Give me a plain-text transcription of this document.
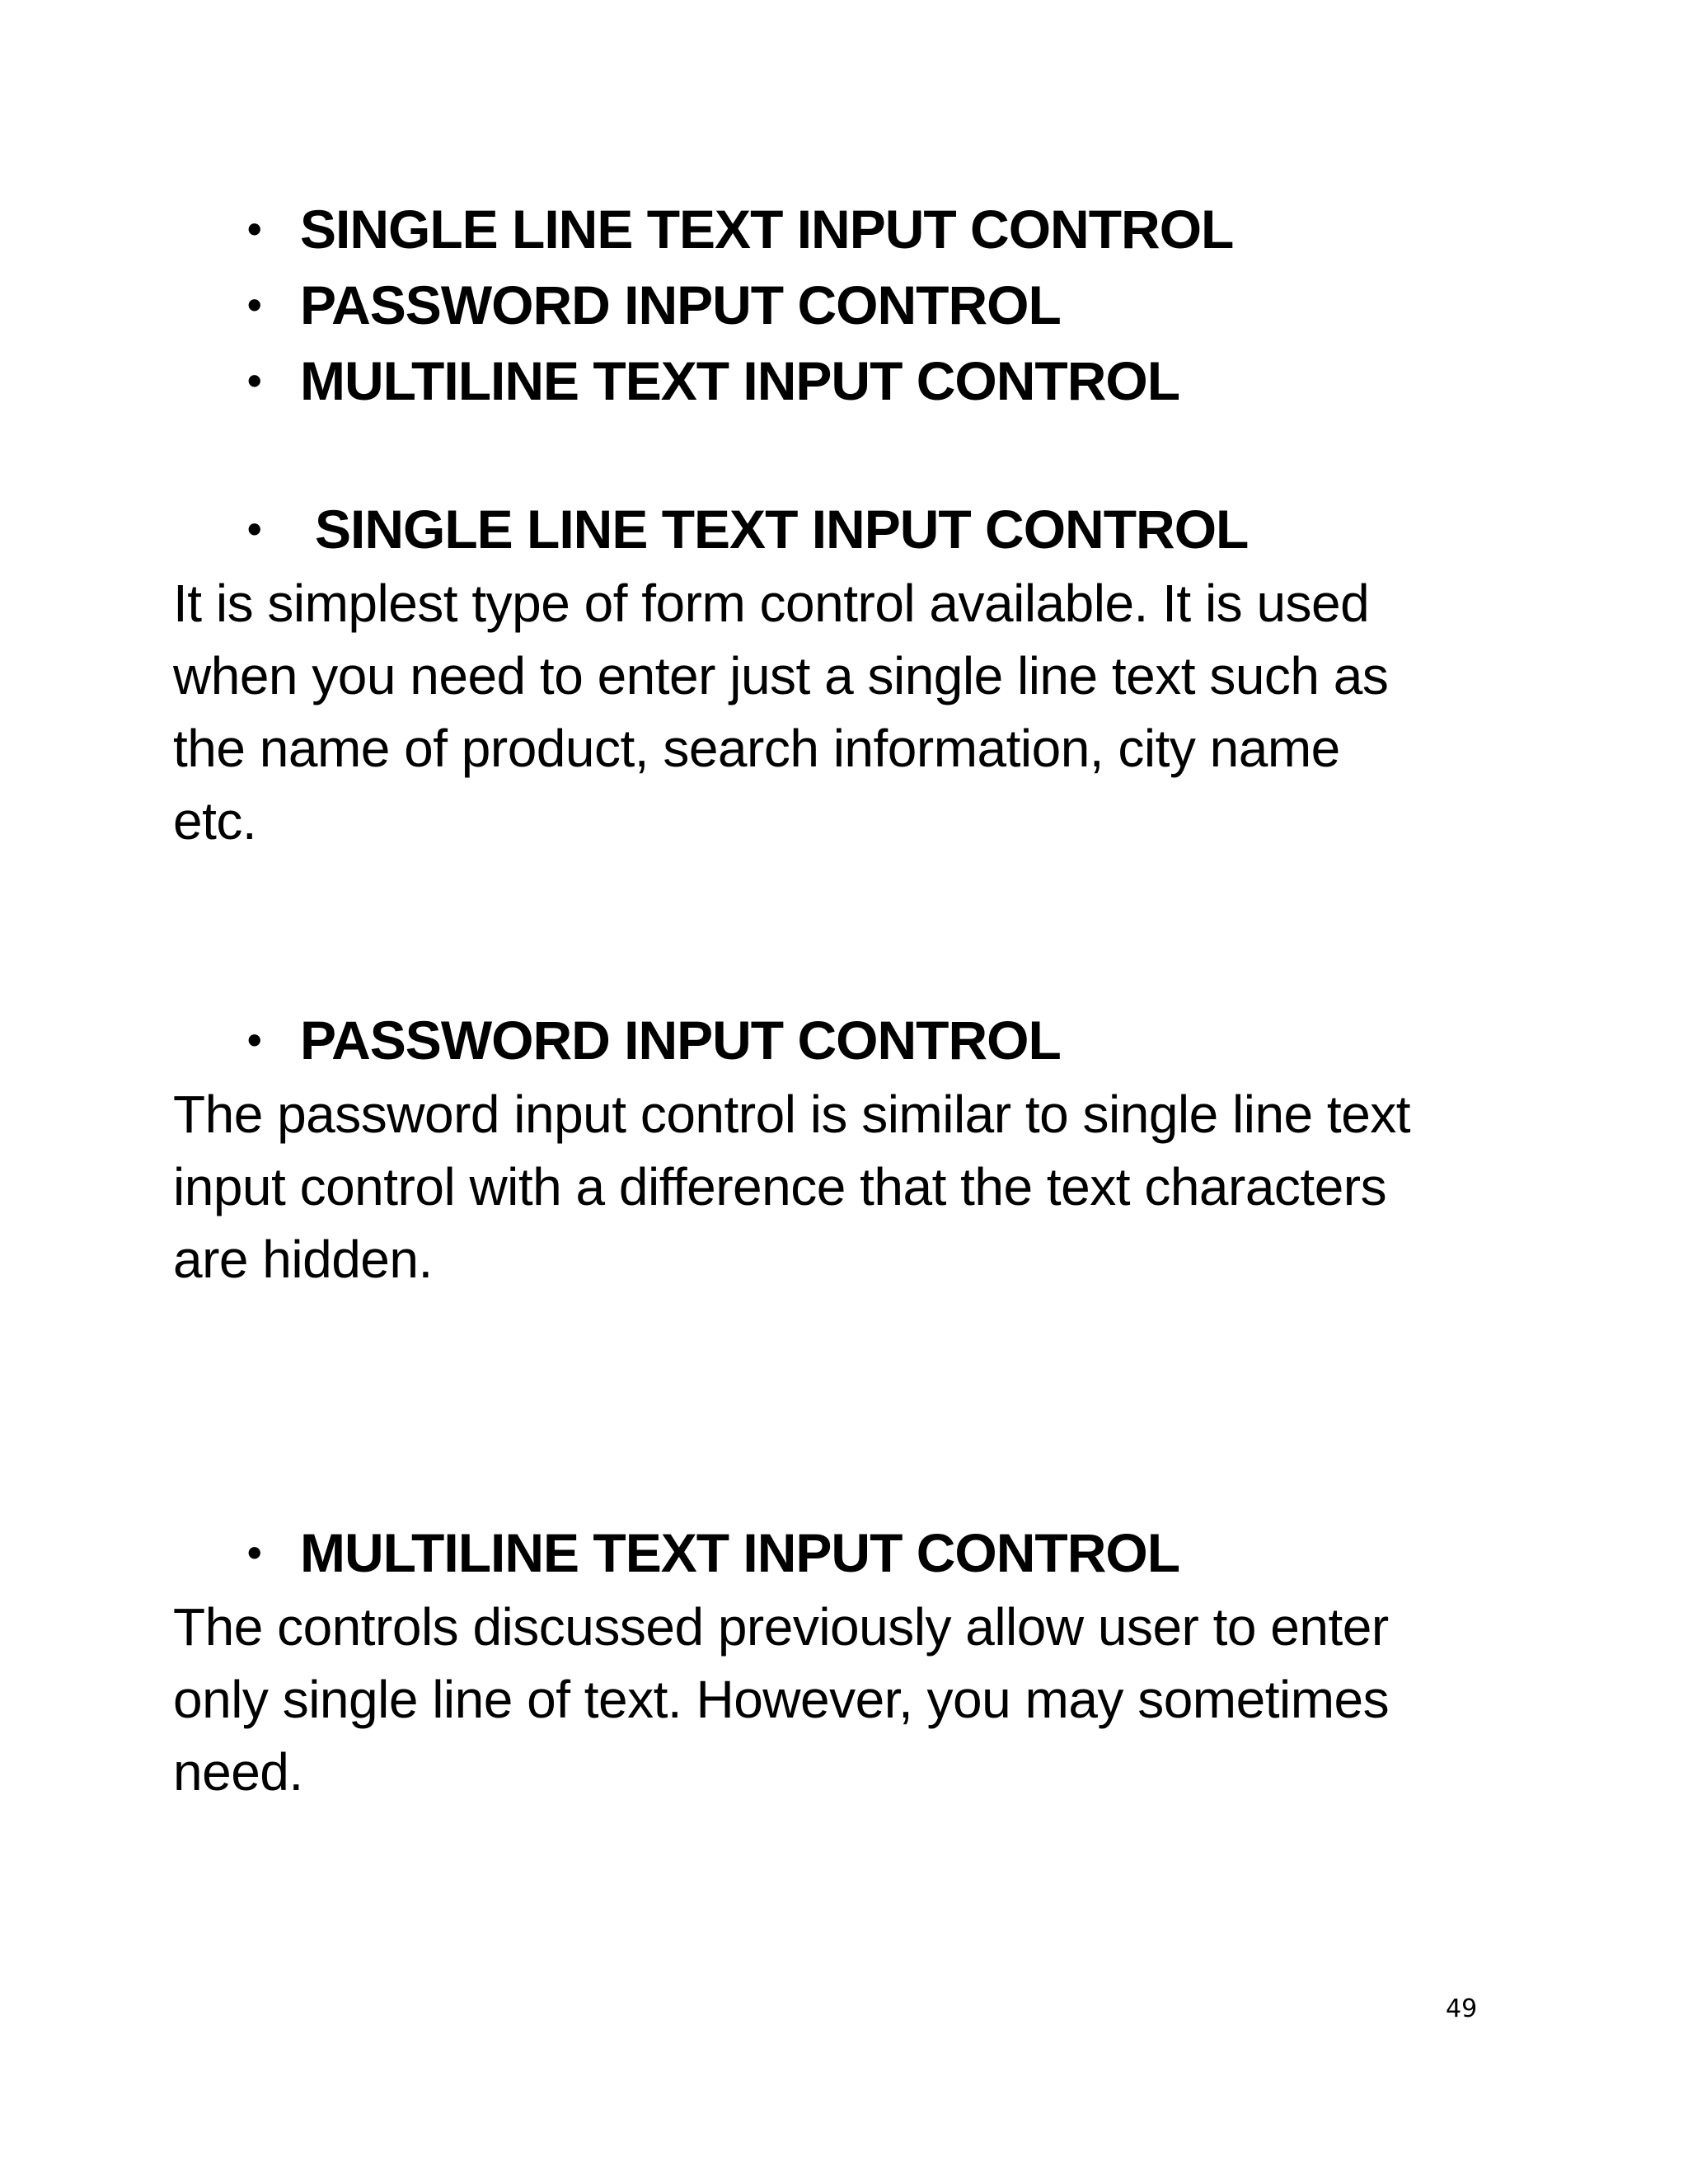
• SINGLE LINE TEXT INPUT CONTROL
• PASSWORD INPUT CONTROL
• MULTILINE TEXT INPUT CONTROL
• SINGLE LINE TEXT INPUT CONTROL
It is simplest type of form control available. It is used
when you need to enter just a single line text such as
the name of product, search information, city name
etc.
• PASSWORD INPUT CONTROL
The password input control is similar to single line text
input control with a difference that the text characters
are hidden.
• MULTILINE TEXT INPUT CONTROL
The controls discussed previously allow user to enter
only single line of text. However, you may sometimes
need.
49
